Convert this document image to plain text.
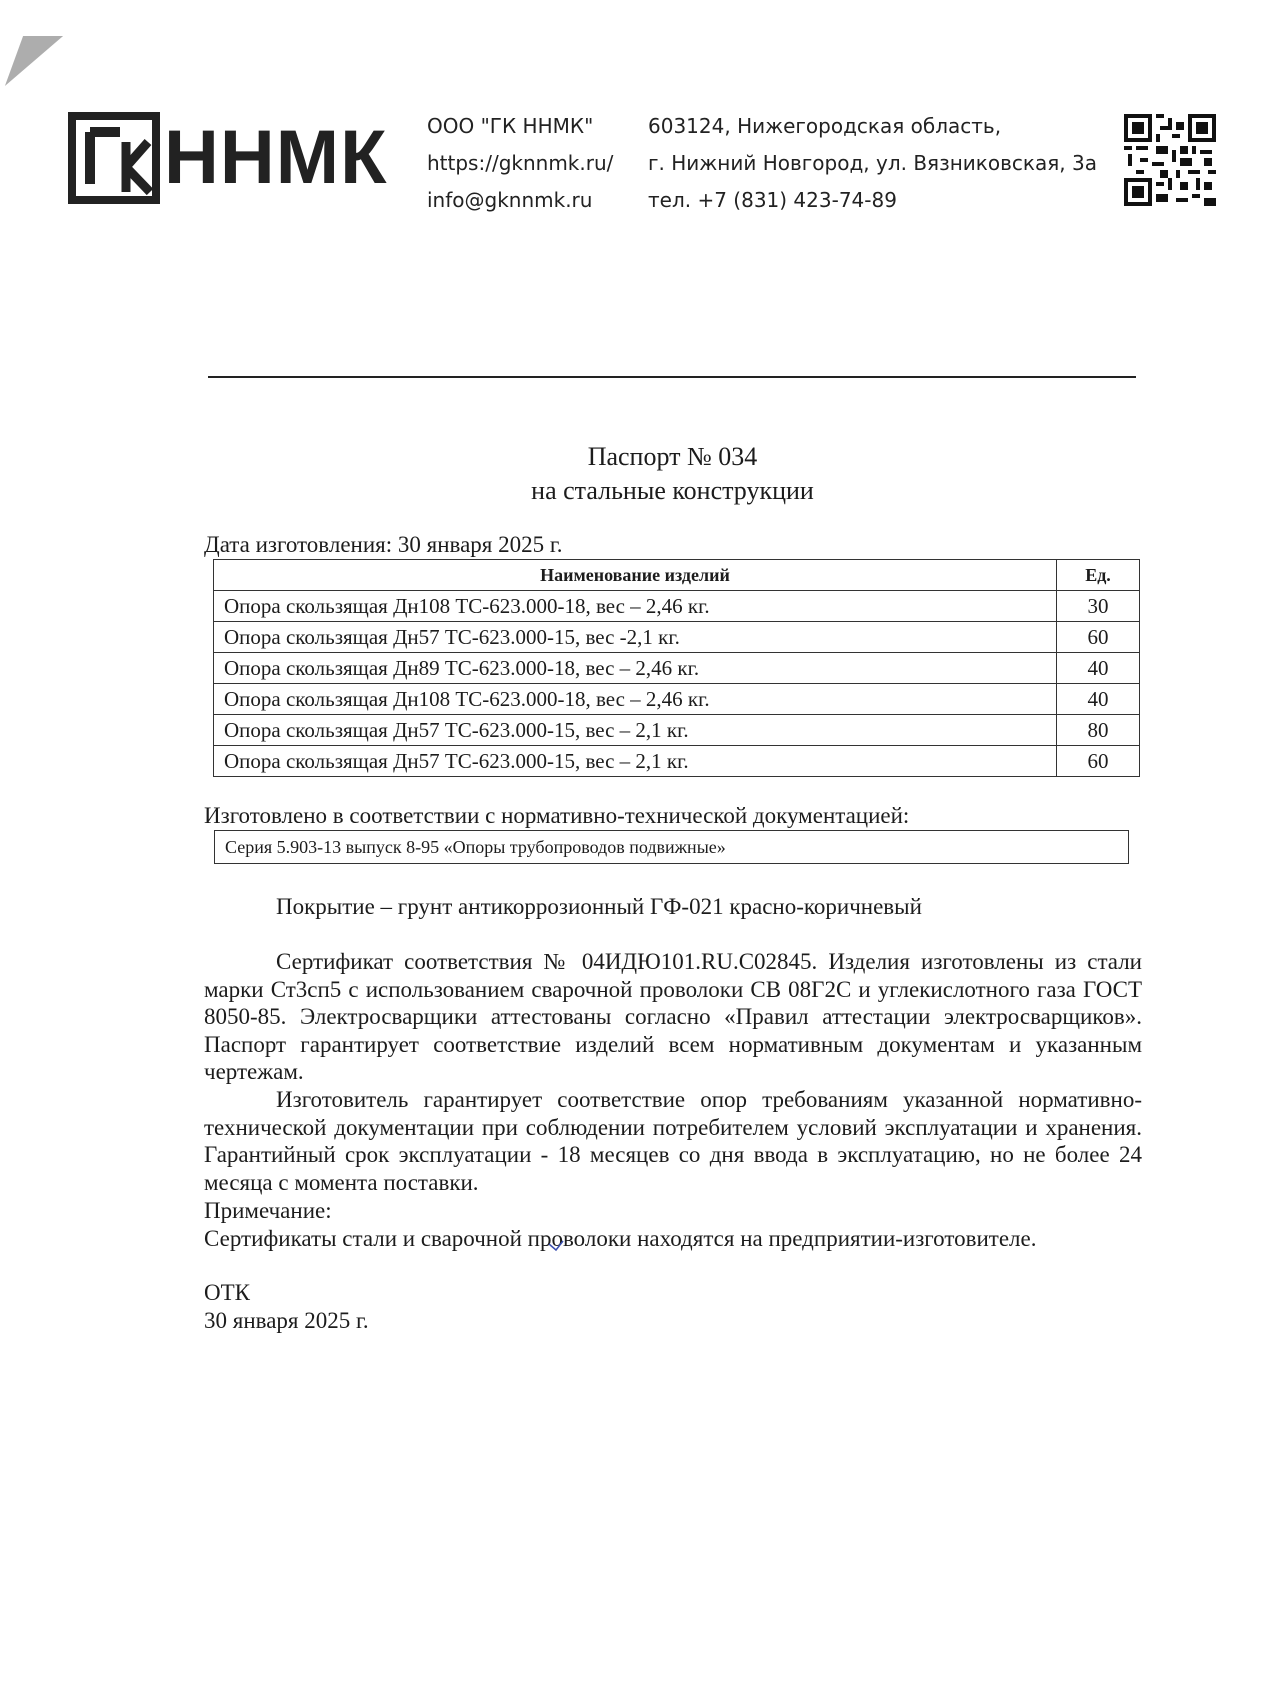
ННМК ООО "ГК ННМК"
https://gknnmk.ru/
info@gknnmk.ru
603124, Нижегородская область,
г. Нижний Новгород, ул. Вязниковская, 3а
тел. +7 (831) 423-74-89
Паспорт № 034
на стальные конструкции
Дата изготовления: 30 января 2025 г.
Наименование изделий	Ед.
Опора скользящая Дн108 ТС-623.000-18, вес – 2,46 кг.	30
Опора скользящая Дн57 ТС-623.000-15, вес -2,1 кг.	60
Опора скользящая Дн89 ТС-623.000-18, вес – 2,46 кг.	40
Опора скользящая Дн108 ТС-623.000-18, вес – 2,46 кг.	40
Опора скользящая Дн57 ТС-623.000-15, вес – 2,1 кг.	80
Опора скользящая Дн57 ТС-623.000-15, вес – 2,1 кг.	60
Изготовлено в соответствии с нормативно-технической документацией:
Серия 5.903-13 выпуск 8-95 «Опоры трубопроводов подвижные»
Покрытие – грунт антикоррозионный ГФ-021 красно-коричневый
Сертификат соответствия № 04ИДЮ101.RU.C02845. Изделия изготовлены из стали марки Ст3сп5 с использованием сварочной проволоки СВ 08Г2С и углекислотного газа ГОСТ 8050-85. Электросварщики аттестованы согласно «Правил аттестации электросварщиков». Паспорт гарантирует соответствие изделий всем нормативным документам и указанным чертежам.
Изготовитель гарантирует соответствие опор требованиям указанной нормативно-технической документации при соблюдении потребителем условий эксплуатации и хранения. Гарантийный срок эксплуатации - 18 месяцев со дня ввода в эксплуатацию, но не более 24 месяца с момента поставки.
Примечание:
Сертификаты стали и сварочной проволоки находятся на предприятии-изготовителе.
ОТК
30 января 2025 г.
